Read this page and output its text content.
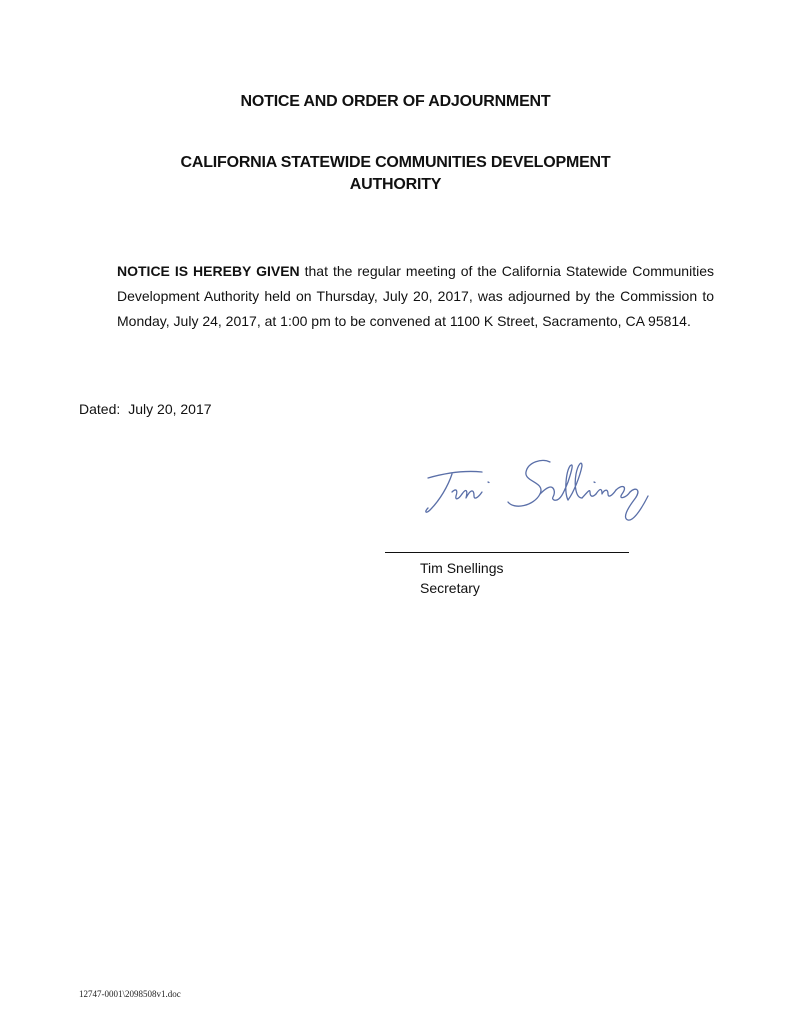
NOTICE AND ORDER OF ADJOURNMENT
CALIFORNIA STATEWIDE COMMUNITIES DEVELOPMENT
AUTHORITY
NOTICE IS HEREBY GIVEN that the regular meeting of the California Statewide Communities Development Authority held on Thursday, July 20, 2017, was adjourned by the Commission to Monday, July 24, 2017, at 1:00 pm to be convened at 1100 K Street, Sacramento, CA 95814.
Dated: July 20, 2017
Tim Snellings
Secretary
12747-0001\2098508v1.doc
